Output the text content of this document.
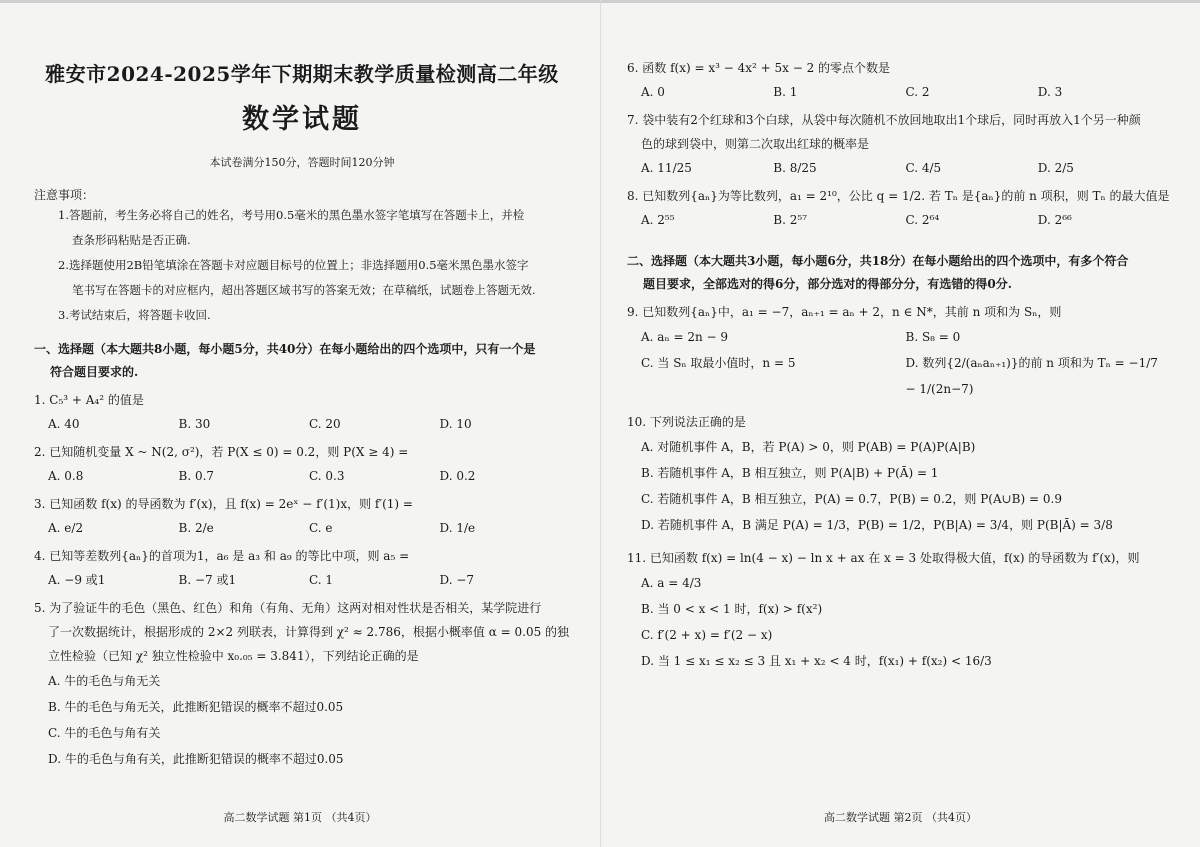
雅安市2024-2025学年下期期末教学质量检测高二年级
数学试题
本试卷满分150分，答题时间120分钟
注意事项：
1.答题前，考生务必将自己的姓名，考号用0.5毫米的黑色墨水签字笔填写在答题卡上，并检
查条形码粘贴是否正确.
2.选择题使用2B铅笔填涂在答题卡对应题目标号的位置上；非选择题用0.5毫米黑色墨水签字
笔书写在答题卡的对应框内，超出答题区域书写的答案无效；在草稿纸，试题卷上答题无效.
3.考试结束后，将答题卡收回.
一、选择题（本大题共8小题，每小题5分，共40分）在每小题给出的四个选项中，只有一个是
符合题目要求的.
1. C₅³ + A₄² 的值是
A. 40	B. 30	C. 20	D. 10
2. 已知随机变量 X ~ N(2, σ²)，若 P(X ≤ 0) = 0.2，则 P(X ≥ 4) =
A. 0.8	B. 0.7	C. 0.3	D. 0.2
3. 已知函数 f(x) 的导函数为 f′(x)，且 f(x) = 2eˣ − f′(1)x，则 f′(1) =
A. e/2	B. 2/e	C. e	D. 1/e
4. 已知等差数列{aₙ}的首项为1，a₆ 是 a₃ 和 a₉ 的等比中项，则 a₅ =
A. −9 或1	B. −7 或1	C. 1	D. −7
5. 为了验证牛的毛色（黑色、红色）和角（有角、无角）这两对相对性状是否相关，某学院进行
了一次数据统计，根据形成的 2×2 列联表，计算得到 χ² ≈ 2.786，根据小概率值 α = 0.05 的独
立性检验（已知 χ² 独立性检验中 x₀.₀₅ = 3.841），下列结论正确的是
A. 牛的毛色与角无关
B. 牛的毛色与角无关，此推断犯错误的概率不超过0.05
C. 牛的毛色与角有关
D. 牛的毛色与角有关，此推断犯错误的概率不超过0.05
高二数学试题 第1页 （共4页）
6. 函数 f(x) = x³ − 4x² + 5x − 2 的零点个数是
A. 0	B. 1	C. 2	D. 3
7. 袋中装有2个红球和3个白球，从袋中每次随机不放回地取出1个球后，同时再放入1个另一种颜
色的球到袋中，则第二次取出红球的概率是
A. 11/25	B. 8/25	C. 4/5	D. 2/5
8. 已知数列{aₙ}为等比数列，a₁ = 2¹⁰，公比 q = 1/2. 若 Tₙ 是{aₙ}的前 n 项积，则 Tₙ 的最大值是
A. 2⁵⁵	B. 2⁵⁷	C. 2⁶⁴	D. 2⁶⁶
二、选择题（本大题共3小题，每小题6分，共18分）在每小题给出的四个选项中，有多个符合
题目要求，全部选对的得6分，部分选对的得部分分，有选错的得0分.
9. 已知数列{aₙ}中，a₁ = −7，aₙ₊₁ = aₙ + 2，n ∈ N*，其前 n 项和为 Sₙ，则
A. aₙ = 2n − 9	B. S₈ = 0
C. 当 Sₙ 取最小值时，n = 5	D. 数列{2/(aₙaₙ₊₁)}的前 n 项和为 Tₙ = −1/7 − 1/(2n−7)
10. 下列说法正确的是
A. 对随机事件 A，B，若 P(A) > 0，则 P(AB) = P(A)P(A|B)
B. 若随机事件 A，B 相互独立，则 P(A|B) + P(Ā) = 1
C. 若随机事件 A，B 相互独立，P(A) = 0.7，P(B) = 0.2，则 P(A∪B) = 0.9
D. 若随机事件 A，B 满足 P(A) = 1/3，P(B) = 1/2，P(B|A) = 3/4，则 P(B|Ā) = 3/8
11. 已知函数 f(x) = ln(4 − x) − ln x + ax 在 x = 3 处取得极大值，f(x) 的导函数为 f′(x)，则
A. a = 4/3
B. 当 0 < x < 1 时，f(x) > f(x²)
C. f′(2 + x) = f′(2 − x)
D. 当 1 ≤ x₁ ≤ x₂ ≤ 3 且 x₁ + x₂ < 4 时，f(x₁) + f(x₂) < 16/3
高二数学试题 第2页 （共4页）
